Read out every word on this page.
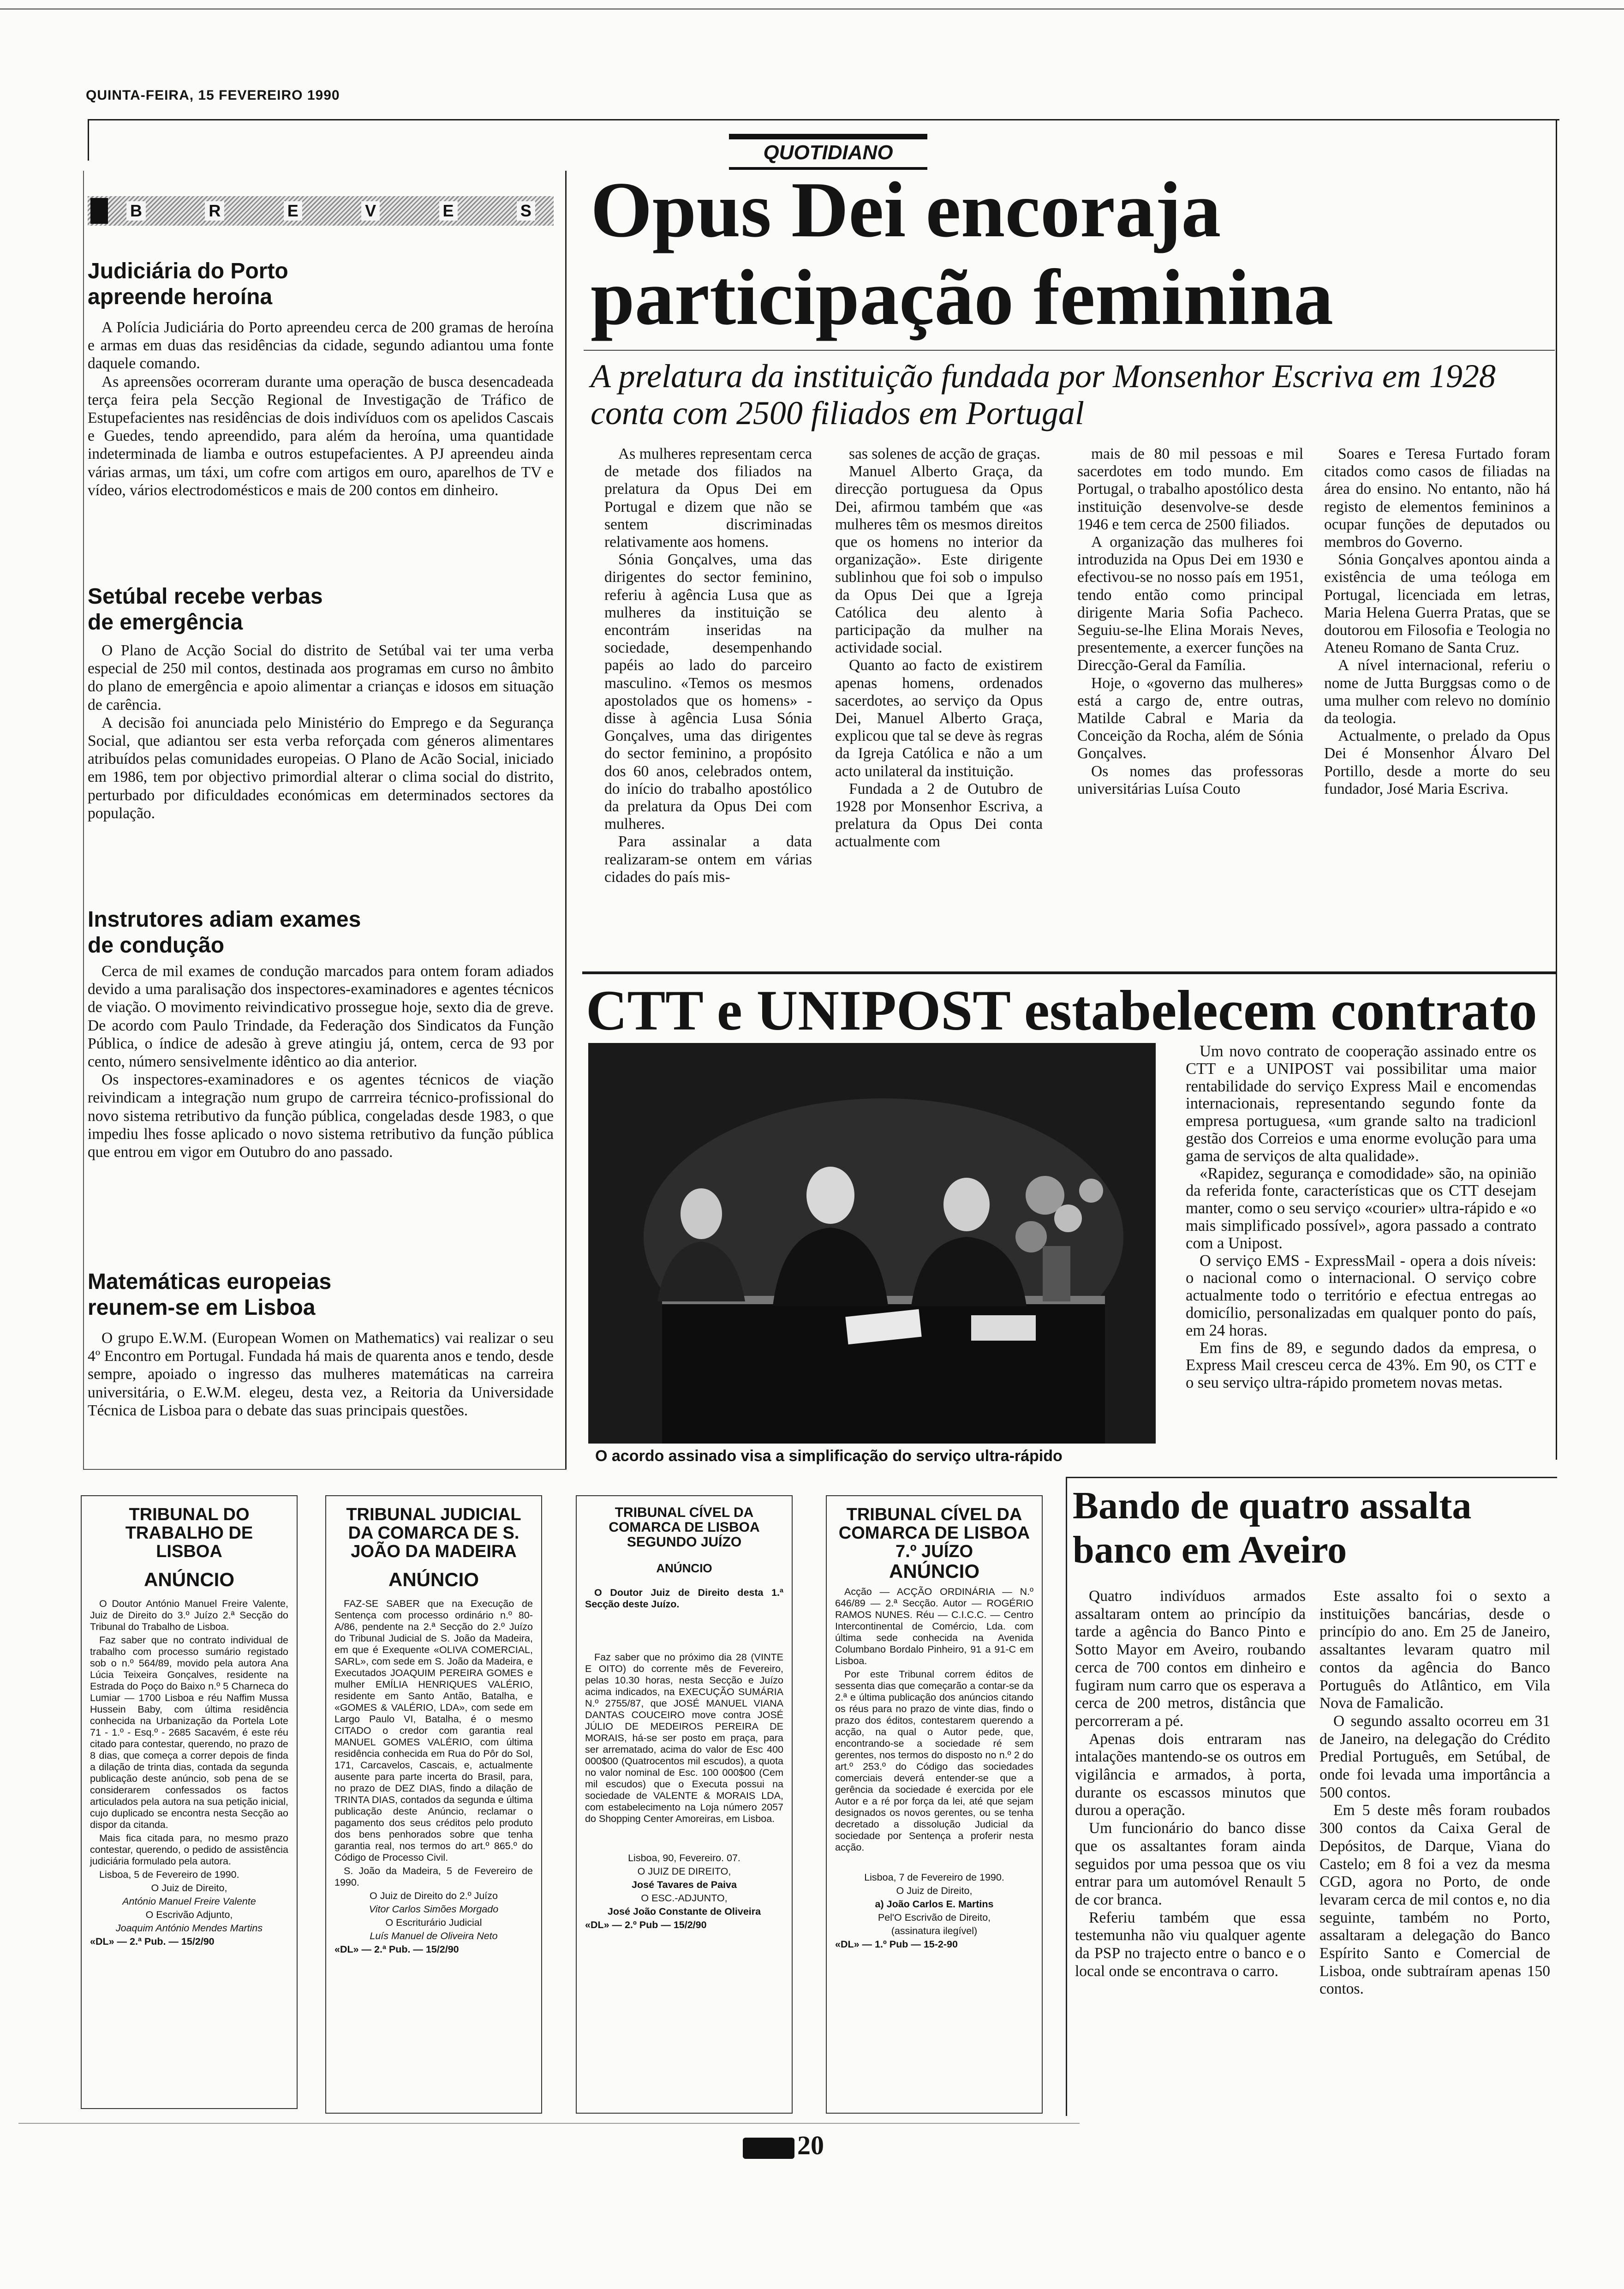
QUINTA-FEIRA, 15 FEVEREIRO 1990
QUOTIDIANO
B	R	E	V	E	S
Judiciária do Porto apreende heroína

A Polícia Judiciária do Porto apreendeu cerca de 200 gramas de heroína e armas em duas das residências da cidade, segundo adiantou uma fonte daquele comando.

As apreensões ocorreram durante uma operação de busca desencadeada terça feira pela Secção Regional de Investigação de Tráfico de Estupefacientes nas residências de dois indivíduos com os apelidos Cascais e Guedes, tendo apreendido, para além da heroína, uma quantidade indeterminada de liamba e outros estupefacientes. A PJ apreendeu ainda várias armas, um táxi, um cofre com artigos em ouro, aparelhos de TV e vídeo, vários electrodomésticos e mais de 200 contos em dinheiro.

Setúbal recebe verbas de emergência

O Plano de Acção Social do distrito de Setúbal vai ter uma verba especial de 250 mil contos, destinada aos programas em curso no âmbito do plano de emergência e apoio alimentar a crianças e idosos em situação de carência.

A decisão foi anunciada pelo Ministério do Emprego e da Segurança Social, que adiantou ser esta verba reforçada com géneros alimentares atribuídos pelas comunidades europeias. O Plano de Acão Social, iniciado em 1986, tem por objectivo primordial alterar o clima social do distrito, perturbado por dificuldades económicas em determinados sectores da população.

Instrutores adiam exames de condução

Cerca de mil exames de condução marcados para ontem foram adiados devido a uma paralisação dos inspectores-examinadores e agentes técnicos de viação. O movimento reivindicativo prossegue hoje, sexto dia de greve. De acordo com Paulo Trindade, da Federação dos Sindicatos da Função Pública, o índice de adesão à greve atingiu já, ontem, cerca de 93 por cento, número sensivelmente idêntico ao dia anterior.

Os inspectores-examinadores e os agentes técnicos de viação reivindicam a integração num grupo de carrreira técnico-profissional do novo sistema retributivo da função pública, congeladas desde 1983, o que impediu lhes fosse aplicado o novo sistema retributivo da função pública que entrou em vigor em Outubro do ano passado.

Matemáticas europeias reunem-se em Lisboa

O grupo E.W.M. (European Women on Mathematics) vai realizar o seu 4º Encontro em Portugal. Fundada há mais de quarenta anos e tendo, desde sempre, apoiado o ingresso das mulheres matemáticas na carreira universitária, o E.W.M. elegeu, desta vez, a Reitoria da Universidade Técnica de Lisboa para o debate das suas principais questões.

Opus Dei encoraja participação feminina
A prelatura da instituição fundada por Monsenhor Escriva em 1928 conta com 2500 filiados em Portugal

As mulheres representam cerca de metade dos filiados na prelatura da Opus Dei em Portugal e dizem que não se sentem discriminadas relativamente aos homens.

Sónia Gonçalves, uma das dirigentes do sector feminino, referiu à agência Lusa que as mulheres da instituição se encontrám inseridas na sociedade, desempenhando papéis ao lado do parceiro masculino. «Temos os mesmos apostolados que os homens» - disse à agência Lusa Sónia Gonçalves, uma das dirigentes do sector feminino, a propósito dos 60 anos, celebrados ontem, do início do trabalho apostólico da prelatura da Opus Dei com mulheres.

Para assinalar a data realizaram-se ontem em várias cidades do país mis-

sas solenes de acção de graças.

Manuel Alberto Graça, da direcção portuguesa da Opus Dei, afirmou também que «as mulheres têm os mesmos direitos que os homens no interior da organização». Este dirigente sublinhou que foi sob o impulso da Opus Dei que a Igreja Católica deu alento à participação da mulher na actividade social.

Quanto ao facto de existirem apenas homens, ordenados sacerdotes, ao serviço da Opus Dei, Manuel Alberto Graça, explicou que tal se deve às regras da Igreja Católica e não a um acto unilateral da instituição.

Fundada a 2 de Outubro de 1928 por Monsenhor Escriva, a prelatura da Opus Dei conta actualmente com

mais de 80 mil pessoas e mil sacerdotes em todo mundo. Em Portugal, o trabalho apostólico desta instituição desenvolve-se desde 1946 e tem cerca de 2500 filiados.

A organização das mulheres foi introduzida na Opus Dei em 1930 e efectivou-se no nosso país em 1951, tendo então como principal dirigente Maria Sofia Pacheco. Seguiu-se-lhe Elina Morais Neves, presentemente, a exercer funções na Direcção-Geral da Família.

Hoje, o «governo das mulheres» está a cargo de, entre outras, Matilde Cabral e Maria da Conceição da Rocha, além de Sónia Gonçalves.

Os nomes das professoras universitárias Luísa Couto

Soares e Teresa Furtado foram citados como casos de filiadas na área do ensino. No entanto, não há registo de elementos femininos a ocupar funções de deputados ou membros do Governo.

Sónia Gonçalves apontou ainda a existência de uma teóloga em Portugal, licenciada em letras, Maria Helena Guerra Pratas, que se doutorou em Filosofia e Teologia no Ateneu Romano de Santa Cruz.

A nível internacional, referiu o nome de Jutta Burggsas como o de uma mulher com relevo no domínio da teologia.

Actualmente, o prelado da Opus Dei é Monsenhor Álvaro Del Portillo, desde a morte do seu fundador, José Maria Escriva.

CTT e UNIPOST estabelecem contrato
O acordo assinado visa a simplificação do serviço ultra-rápido

Um novo contrato de cooperação assinado entre os CTT e a UNIPOST vai possibilitar uma maior rentabilidade do serviço Express Mail e encomendas internacionais, representando segundo fonte da empresa portuguesa, «um grande salto na tradicionl gestão dos Correios e uma enorme evolução para uma gama de serviços de alta qualidade».

«Rapidez, segurança e comodidade» são, na opinião da referida fonte, características que os CTT desejam manter, como o seu serviço «courier» ultra-rápido e «o mais simplificado possível», agora passado a contrato com a Unipost.

O serviço EMS - ExpressMail - opera a dois níveis: o nacional como o internacional. O serviço cobre actualmente todo o território e efectua entregas ao domicílio, personalizadas em qualquer ponto do país, em 24 horas.

Em fins de 89, e segundo dados da empresa, o Express Mail cresceu cerca de 43%. Em 90, os CTT e o seu serviço ultra-rápido prometem novas metas.

TRIBUNAL DO TRABALHO DE LISBOA
ANÚNCIO

O Doutor António Manuel Freire Valente, Juiz de Direito do 3.º Juízo 2.ª Secção do Tribunal do Trabalho de Lisboa.

Faz saber que no contrato individual de trabalho com processo sumário registado sob o n.º 564/89, movido pela autora Ana Lúcia Teixeira Gonçalves, residente na Estrada do Poço do Baixo n.º 5 Charneca do Lumiar — 1700 Lisboa e réu Naffim Mussa Hussein Baby, com última residência conhecida na Urbanização da Portela Lote 71 - 1.º - Esq.º - 2685 Sacavém, é este réu citado para contestar, querendo, no prazo de 8 dias, que começa a correr depois de finda a dilação de trinta dias, contada da segunda publicação deste anúncio, sob pena de se considerarem confessados os factos articulados pela autora na sua petição inicial, cujo duplicado se encontra nesta Secção ao dispor da citanda.

Mais fica citada para, no mesmo prazo contestar, querendo, o pedido de assistência judiciária formulado pela autora.

Lisboa, 5 de Fevereiro de 1990.

O Juiz de Direito,

António Manuel Freire Valente

O Escrivão Adjunto,

Joaquim António Mendes Martins

«DL» — 2.ª Pub. — 15/2/90

TRIBUNAL JUDICIAL DA COMARCA DE S. JOÃO DA MADEIRA
ANÚNCIO

FAZ-SE SABER que na Execução de Sentença com processo ordinário n.º 80-A/86, pendente na 2.ª Secção do 2.º Juízo do Tribunal Judicial de S. João da Madeira, em que é Exequente «OLIVA COMERCIAL, SARL», com sede em S. João da Madeira, e Executados JOAQUIM PEREIRA GOMES e mulher EMÍLIA HENRIQUES VALÉRIO, residente em Santo Antão, Batalha, e «GOMES & VALÉRIO, LDA», com sede em Largo Paulo VI, Batalha, é o mesmo CITADO o credor com garantia real MANUEL GOMES VALÉRIO, com última residência conhecida em Rua do Pôr do Sol, 171, Carcavelos, Cascais, e, actualmente ausente para parte incerta do Brasil, para, no prazo de DEZ DIAS, findo a dilação de TRINTA DIAS, contados da segunda e última publicação deste Anúncio, reclamar o pagamento dos seus créditos pelo produto dos bens penhorados sobre que tenha garantia real, nos termos do art.º 865.º do Código de Processo Civil.

S. João da Madeira, 5 de Fevereiro de 1990.

O Juiz de Direito do 2.º Juízo

Vitor Carlos Simões Morgado

O Escriturário Judicial

Luís Manuel de Oliveira Neto

«DL» — 2.ª Pub. — 15/2/90

TRIBUNAL CÍVEL DA COMARCA DE LISBOA SEGUNDO JUÍZO
ANÚNCIO

O Doutor Juiz de Direito desta 1.ª Secção deste Juízo.

Faz saber que no próximo dia 28 (VINTE E OITO) do corrente mês de Fevereiro, pelas 10.30 horas, nesta Secção e Juízo acima indicados, na EXECUÇÃO SUMÁRIA N.º 2755/87, que JOSÉ MANUEL VIANA DANTAS COUCEIRO move contra JOSÉ JÚLIO DE MEDEIROS PEREIRA DE MORAIS, há-se ser posto em praça, para ser arrematado, acima do valor de Esc 400 000$00 (Quatrocentos mil escudos), a quota no valor nominal de Esc. 100 000$00 (Cem mil escudos) que o Executa possui na sociedade de VALENTE & MORAIS LDA, com estabelecimento na Loja número 2057 do Shopping Center Amoreiras, em Lisboa.

Lisboa, 90, Fevereiro. 07.

O JUIZ DE DIREITO,

José Tavares de Paiva

O ESC.-ADJUNTO,

José João Constante de Oliveira

«DL» — 2.º Pub — 15/2/90

TRIBUNAL CÍVEL DA COMARCA DE LISBOA 7.º JUÍZO
ANÚNCIO

Acção — ACÇÃO ORDINÁRIA — N.º 646/89 — 2.ª Secção. Autor — ROGÉRIO RAMOS NUNES. Réu — C.I.C.C. — Centro Intercontinental de Comércio, Lda. com última sede conhecida na Avenida Columbano Bordalo Pinheiro, 91 a 91-C em Lisboa.

Por este Tribunal correm éditos de sessenta dias que começarão a contar-se da 2.ª e última publicação dos anúncios citando os réus para no prazo de vinte dias, findo o prazo dos éditos, contestarem querendo a acção, na qual o Autor pede, que, encontrando-se a sociedade ré sem gerentes, nos termos do disposto no n.º 2 do art.º 253.º do Código das sociedades comerciais deverá entender-se que a gerência da sociedade é exercida por ele Autor e a ré por força da lei, até que sejam designados os novos gerentes, ou se tenha decretado a dissolução Judicial da sociedade por Sentença a proferir nesta acção.

Lisboa, 7 de Fevereiro de 1990.

O Juiz de Direito,

a) João Carlos E. Martins

Pel'O Escrivão de Direito,

(assinatura ilegível)

«DL» — 1.º Pub — 15-2-90

Bando de quatro assalta banco em Aveiro

Quatro indivíduos armados assaltaram ontem ao princípio da tarde a agência do Banco Pinto e Sotto Mayor em Aveiro, roubando cerca de 700 contos em dinheiro e fugiram num carro que os esperava a cerca de 200 metros, distância que percorreram a pé.

Apenas dois entraram nas intalações mantendo-se os outros em vigilância e armados, à porta, durante os escassos minutos que durou a operação.

Um funcionário do banco disse que os assaltantes foram ainda seguidos por uma pessoa que os viu entrar para um automóvel Renault 5 de cor branca.

Referiu também que essa testemunha não viu qualquer agente da PSP no trajecto entre o banco e o local onde se encontrava o carro.

Este assalto foi o sexto a instituições bancárias, desde o princípio do ano. Em 25 de Janeiro, assaltantes levaram quatro mil contos da agência do Banco Português do Atlântico, em Vila Nova de Famalicão.

O segundo assalto ocorreu em 31 de Janeiro, na delegação do Crédito Predial Português, em Setúbal, de onde foi levada uma importância a 500 contos.

Em 5 deste mês foram roubados 300 contos da Caixa Geral de Depósitos, de Darque, Viana do Castelo; em 8 foi a vez da mesma CGD, agora no Porto, de onde levaram cerca de mil contos e, no dia seguinte, também no Porto, assaltaram a delegação do Banco Espírito Santo e Comercial de Lisboa, onde subtraíram apenas 150 contos.

20
